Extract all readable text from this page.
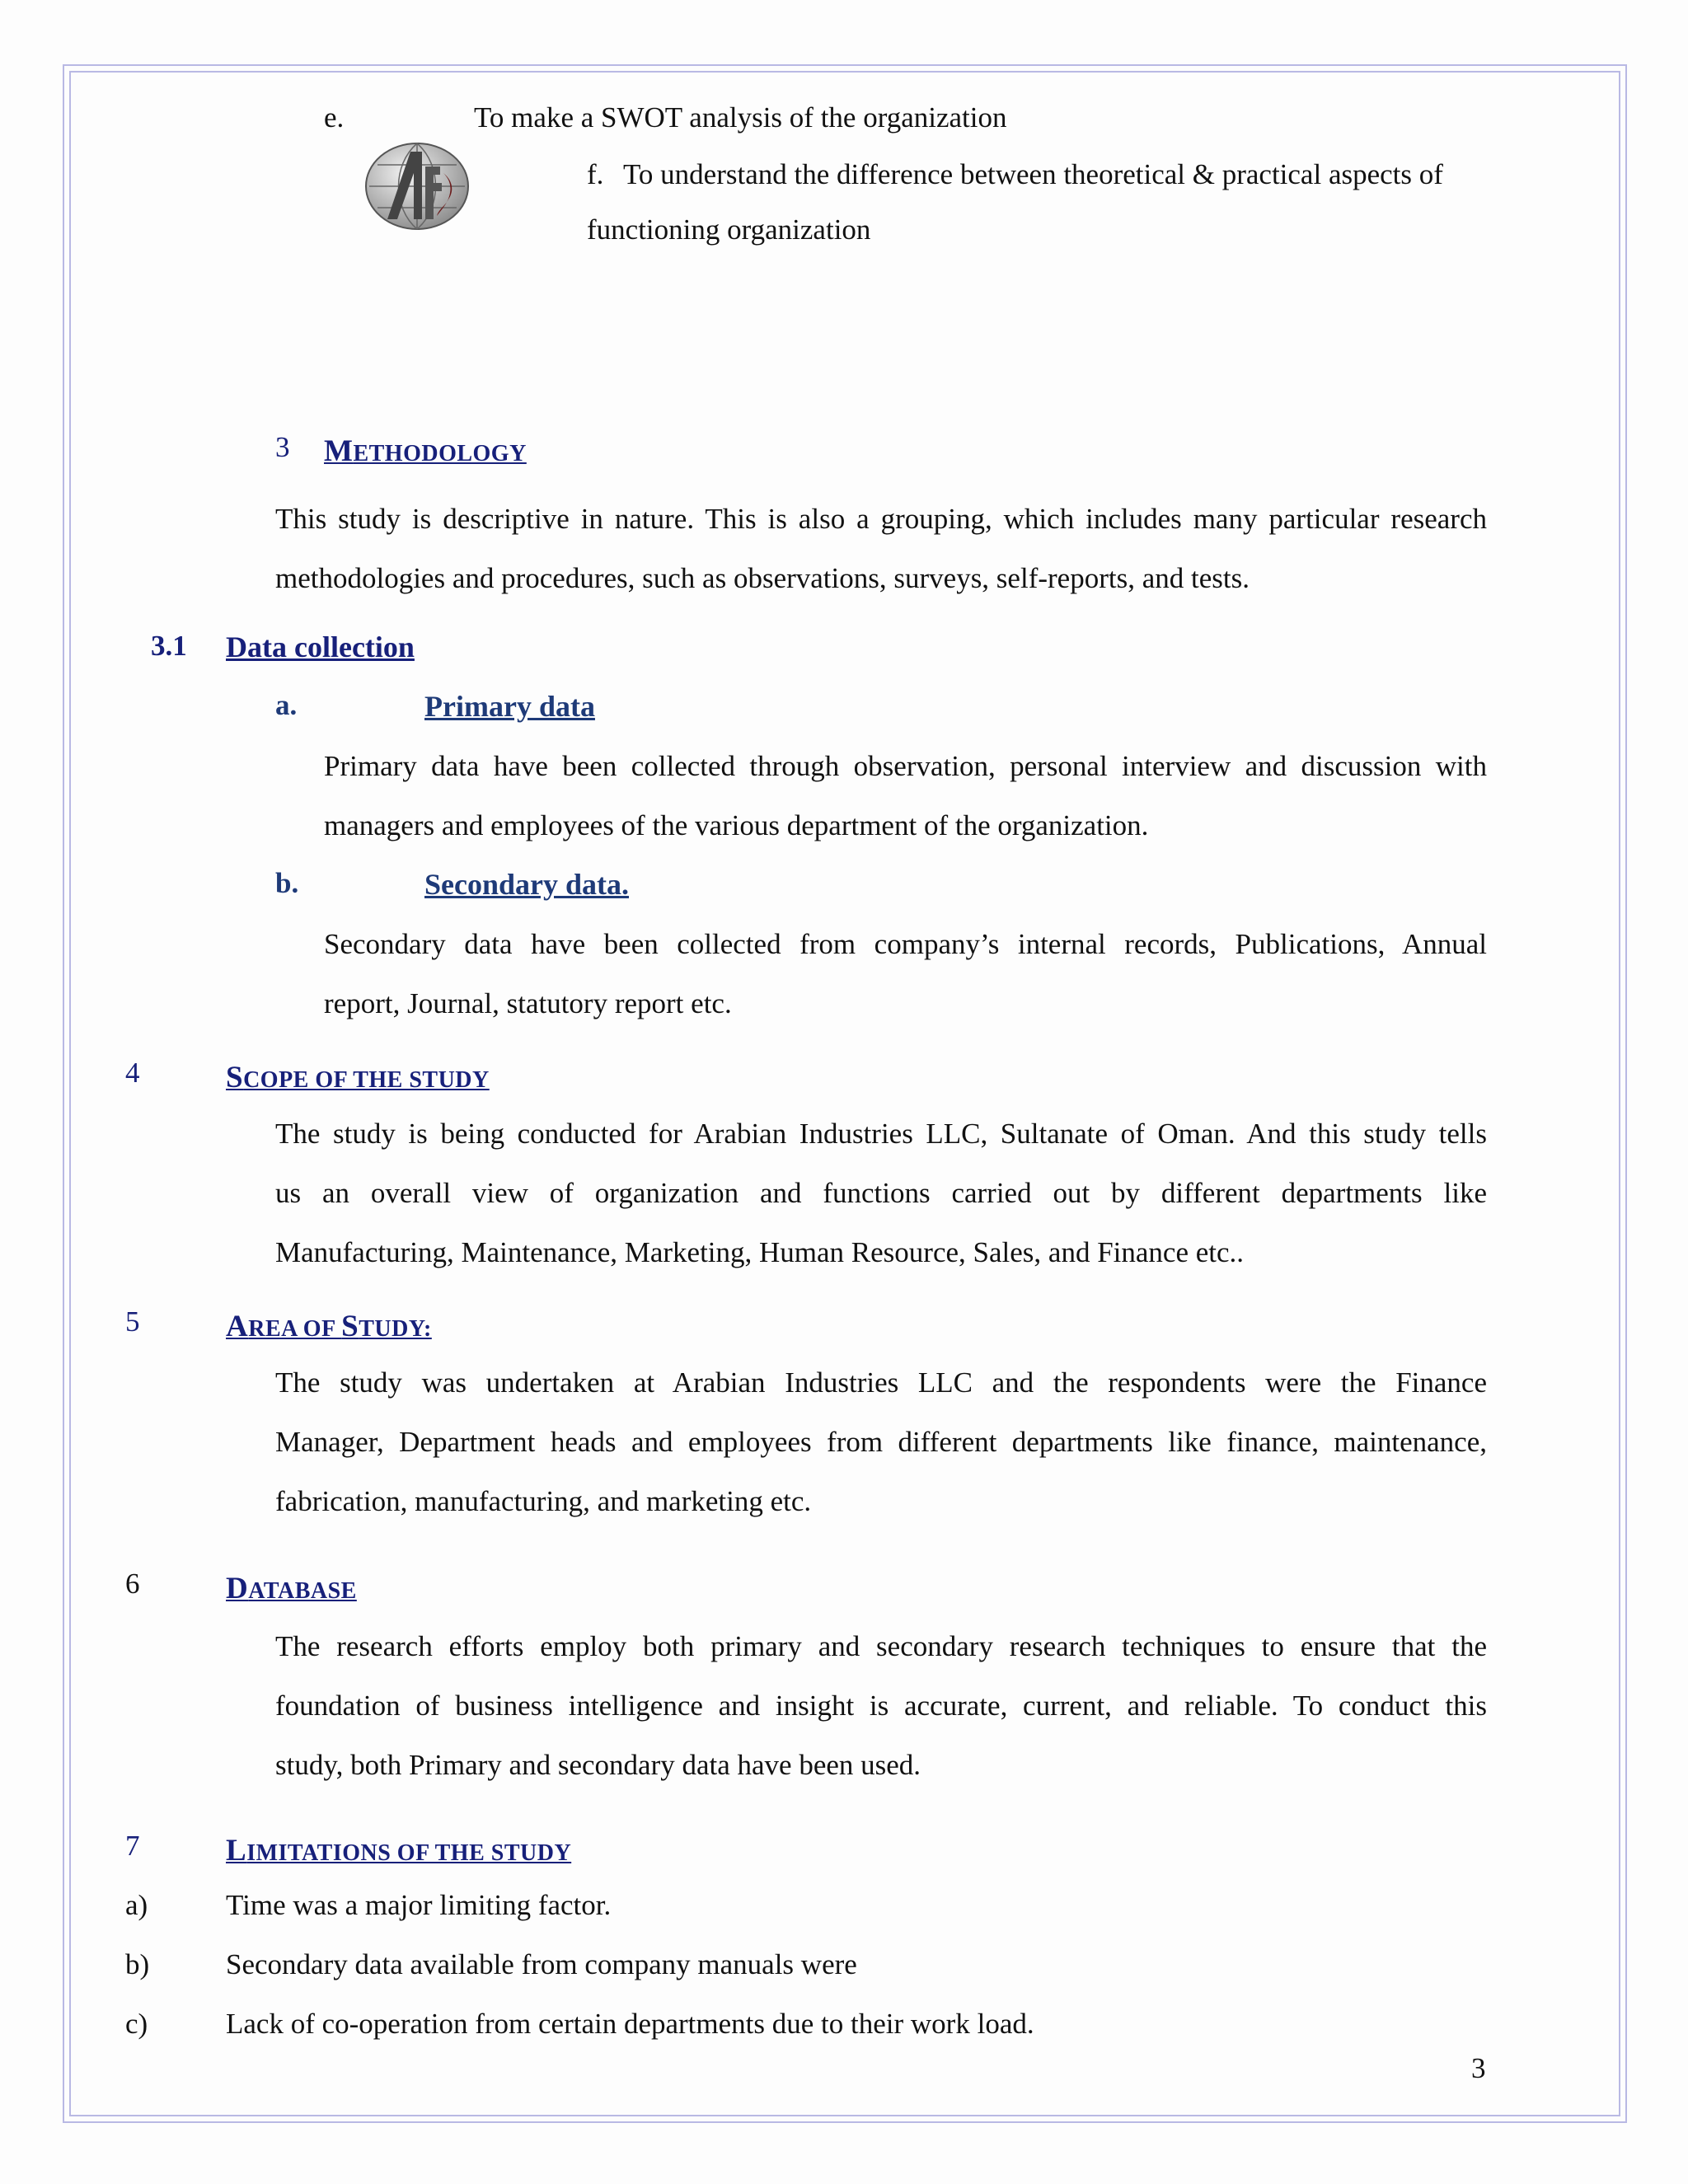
e.	To make a SWOT analysis of the organization
f. To understand the difference between theoretical & practical aspects of
functioning organization
3 METHODOLOGY
This study is descriptive in nature. This is also a grouping, which includes many particular research
methodologies and procedures, such as observations, surveys, self-reports, and tests.
3.1 Data collection
a.	Primary data
Primary data have been collected through observation, personal interview and discussion with
managers and employees of the various department of the organization.
b.	Secondary data.
Secondary data have been collected from company’s internal records, Publications, Annual
report, Journal, statutory report etc.
4	SCOPE OF THE STUDY
The study is being conducted for Arabian Industries LLC, Sultanate of Oman. And this study tells
us an overall view of organization and functions carried out by different departments like
Manufacturing, Maintenance, Marketing, Human Resource, Sales, and Finance etc..
5	AREA OF STUDY:
The study was undertaken at Arabian Industries LLC and the respondents were the Finance
Manager, Department heads and employees from different departments like finance, maintenance,
fabrication, manufacturing, and marketing etc.
6	DATABASE
The research efforts employ both primary and secondary research techniques to ensure that the
foundation of business intelligence and insight is accurate, current, and reliable. To conduct this
study, both Primary and secondary data have been used.
7	LIMITATIONS OF THE STUDY
a)	Time was a major limiting factor.
b)	Secondary data available from company manuals were
c)	Lack of co-operation from certain departments due to their work load.
3
